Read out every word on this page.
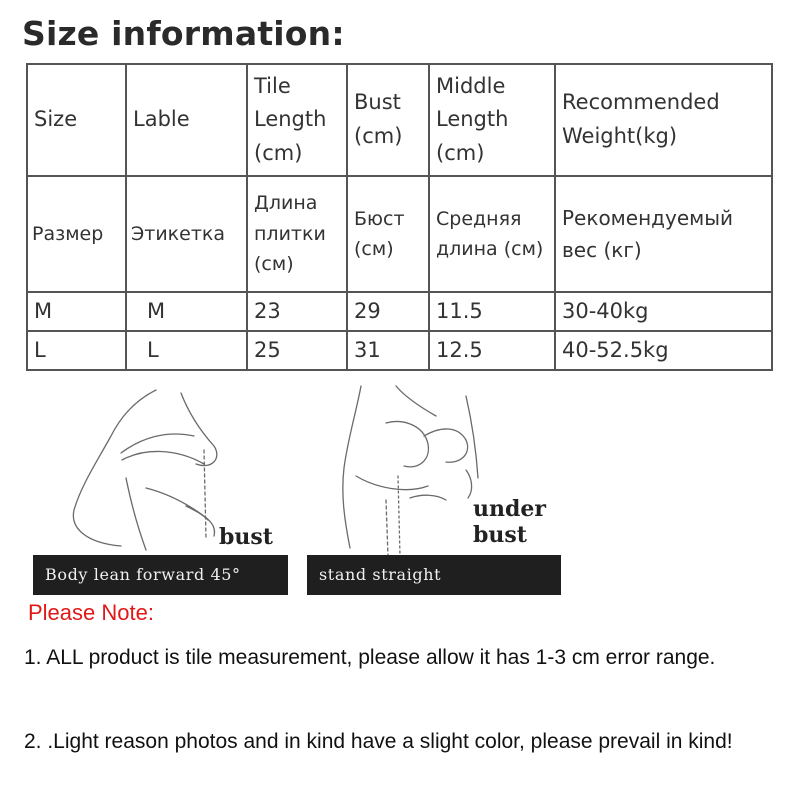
Size information:
Size	Lable	Tile Length (cm)	Bust (cm)	Middle Length (cm)	Recommended Weight(kg)
Размер	Этикетка	Длина плитки (см)	Бюст (см)	Средняя длина (см)	Рекомендуемый вес (кг)
M	M	23	29	11.5	30-40kg
L	L	25	31	12.5	40-52.5kg
bust
under bust
Body lean forward 45°	stand straight

Please Note:

1. ALL product is tile measurement, please allow it has 1-3 cm error range.

2. .Light reason photos and in kind have a slight color, please prevail in kind!
